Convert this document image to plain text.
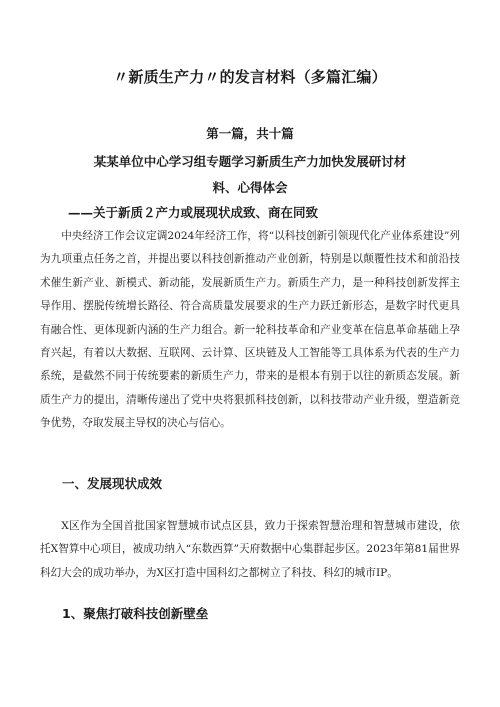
〃新质生产力〃的发言材料（多篇汇编）
第一篇，共十篇
某某单位中心学习组专题学习新质生产力加快发展研讨材
料、心得体会
——关于新质２产力或展现状成致、商在同致

中央经济工作会议定调2024年经济工作，将“以科技创新引领现代化产业体系建设”列为九项重点任务之首，并提出要以科技创新推动产业创新，特别是以颠覆性技术和前沿技术催生新产业、新模式、新动能，发展新质生产力。新质生产力，是一种科技创新发挥主导作用、摆脱传统增长路径、符合高质量发展要求的生产力跃迁新形态，是数字时代更具有融合性、更体现新内涵的生产力组合。新一轮科技革命和产业变革在信息革命基础上孕育兴起，有着以大数据、互联网、云计算、区块链及人工智能等工具体系为代表的生产力系统，是截然不同于传统要素的新质生产力，带来的是根本有别于以往的新质态发展。新质生产力的提出，清晰传递出了党中央将狠抓科技创新，以科技带动产业升级，塑造新竞争优势，夺取发展主导权的决心与信心。

一、发展现状成效

X区作为全国首批国家智慧城市试点区县，致力于探索智慧治理和智慧城市建设，依托X智算中心项目，被成功纳入“东数西算”天府数据中心集群起步区。2023年第81届世界科幻大会的成功举办，为X区打造中国科幻之都树立了科技、科幻的城市IP。

1、聚焦打破科技创新壁垒
